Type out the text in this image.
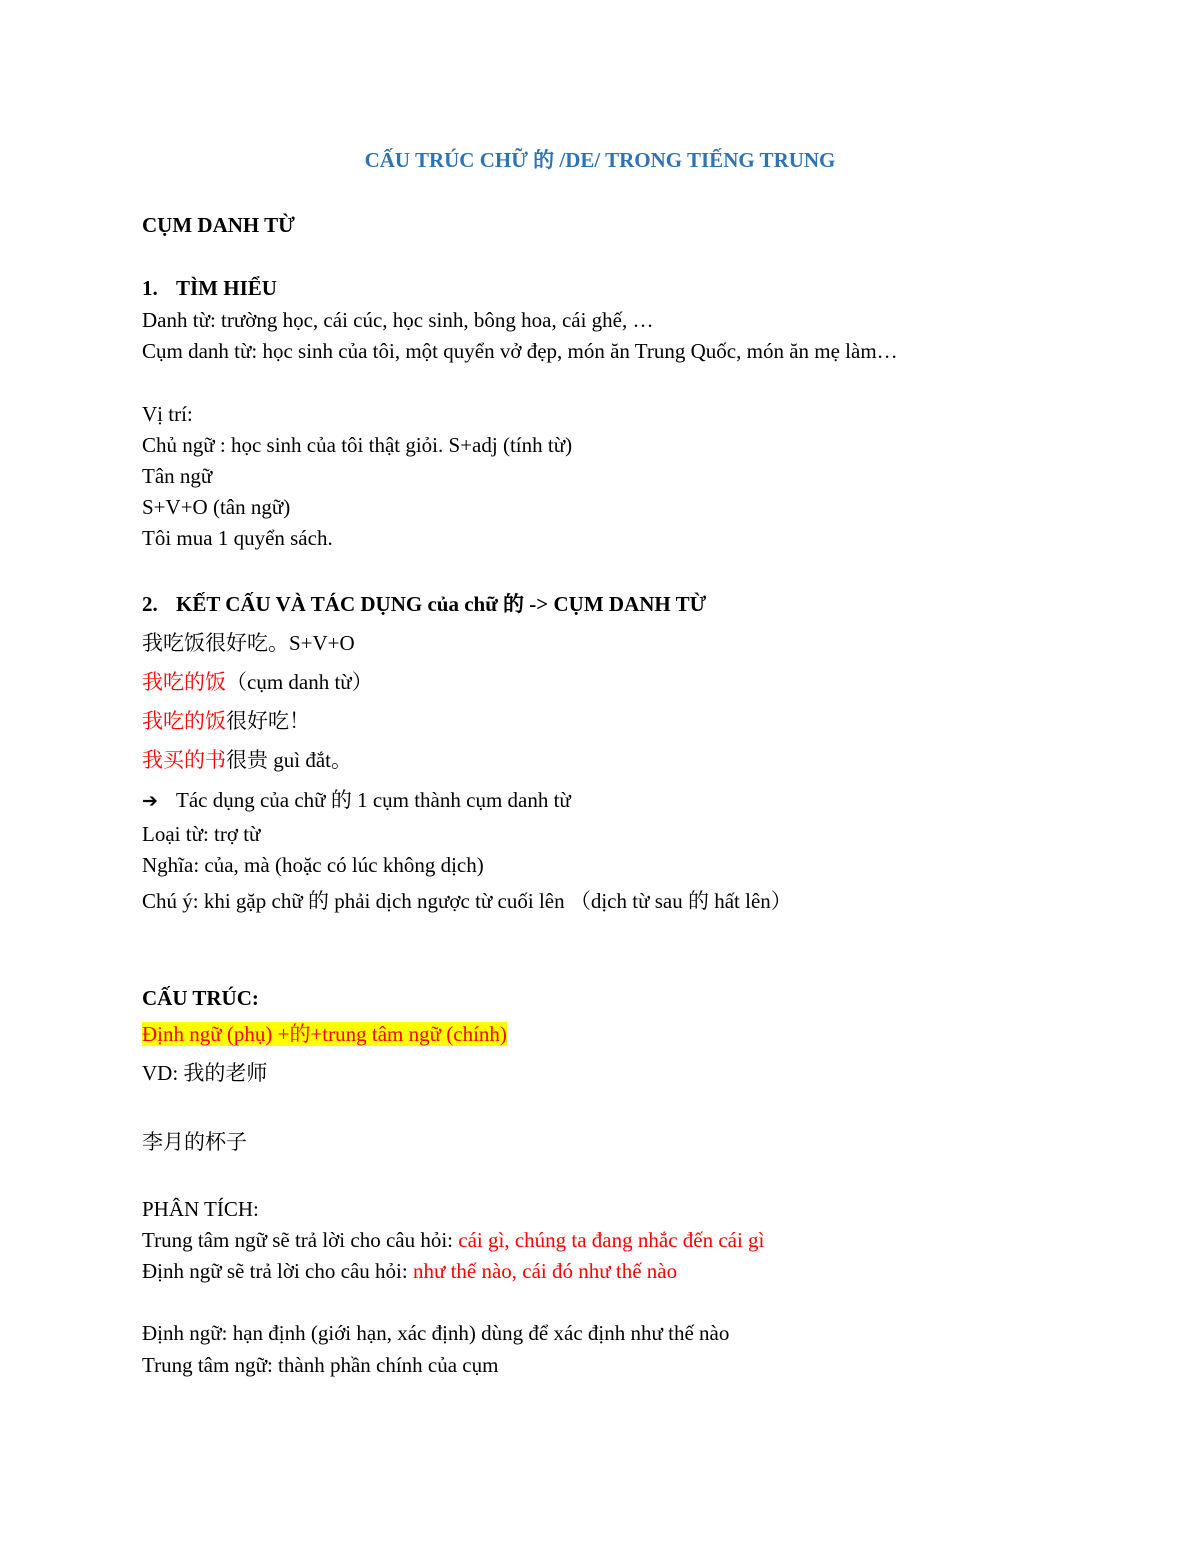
CẤU TRÚC CHỮ 的 /DE/ TRONG TIẾNG TRUNG
CỤM DANH TỪ
1. TÌM HIỂU
Danh từ: trường học, cái cúc, học sinh, bông hoa, cái ghế, …
Cụm danh từ: học sinh của tôi, một quyển vở đẹp, món ăn Trung Quốc, món ăn mẹ làm…
Vị trí:
Chủ ngữ : học sinh của tôi thật giỏi. S+adj (tính từ)
Tân ngữ
S+V+O (tân ngữ)
Tôi mua 1 quyển sách.
2. KẾT CẤU VÀ TÁC DỤNG của chữ 的 -> CỤM DANH TỪ
我吃饭很好吃。S+V+O
我吃的饭（cụm danh từ）
我吃的饭很好吃！
我买的书很贵 guì đắt。
➔ Tác dụng của chữ 的 1 cụm thành cụm danh từ
Loại từ: trợ từ
Nghĩa: của, mà (hoặc có lúc không dịch)
Chú ý: khi gặp chữ 的 phải dịch ngược từ cuối lên （dịch từ sau 的 hất lên）
CẤU TRÚC:
Định ngữ (phụ) +的+trung tâm ngữ (chính)
VD: 我的老师
李月的杯子
PHÂN TÍCH:
Trung tâm ngữ sẽ trả lời cho câu hỏi: cái gì, chúng ta đang nhắc đến cái gì
Định ngữ sẽ trả lời cho câu hỏi: như thế nào, cái đó như thế nào
Định ngữ: hạn định (giới hạn, xác định) dùng để xác định như thế nào
Trung tâm ngữ: thành phần chính của cụm
